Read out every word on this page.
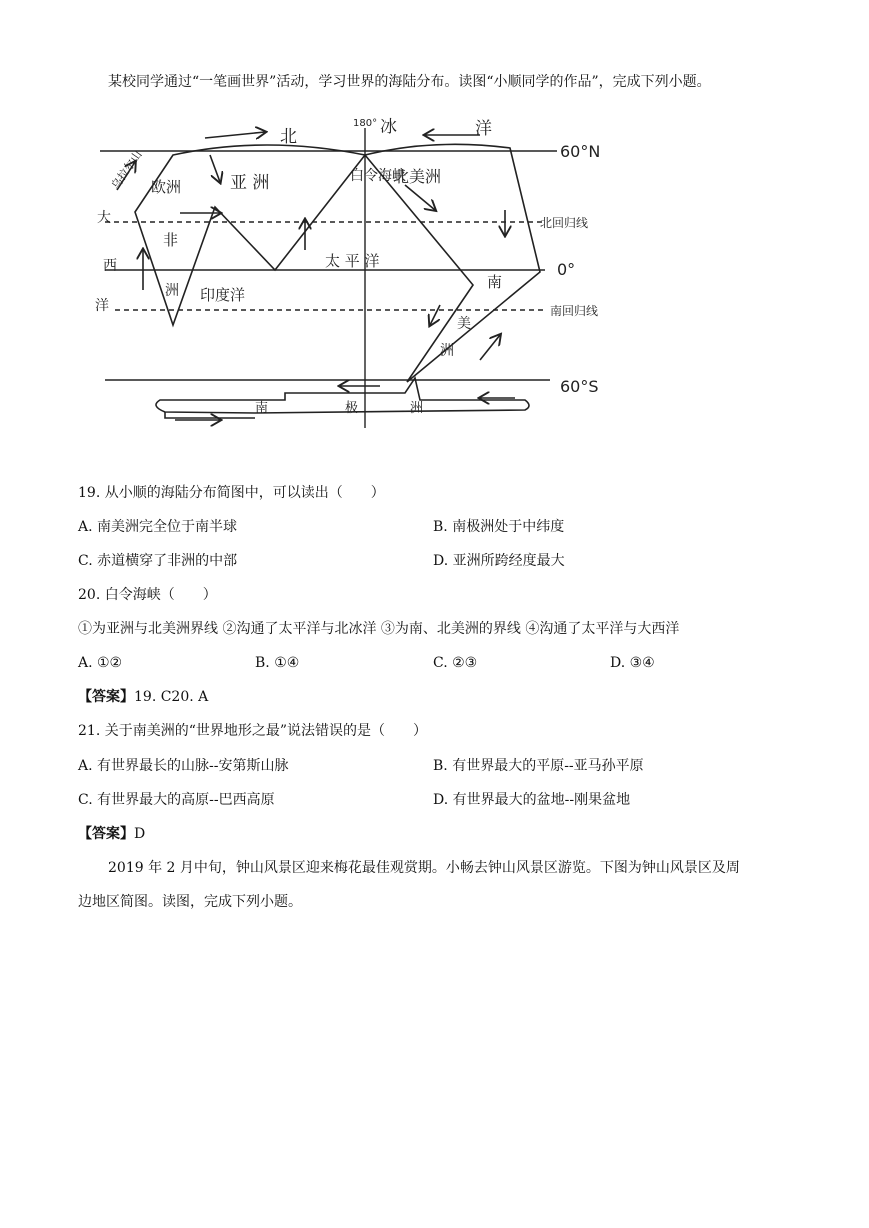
某校同学通过“一笔画世界”活动，学习世界的海陆分布。读图“小顺同学的作品”，完成下列小题。
60°N
0°
60°S
180°
北回归线
南回归线
北	冰	洋
大
西
洋
亚 洲
欧洲
乌拉尔山	白令海峡
北美洲
非
洲 印度洋
太 平 洋
南
美
洲
南	极	洲
19. 从小顺的海陆分布简图中，可以读出（　　）
A. 南美洲完全位于南半球	B. 南极洲处于中纬度
C. 赤道横穿了非洲的中部	D. 亚洲所跨经度最大
20. 白令海峡（　　）
①为亚洲与北美洲界线 ②沟通了太平洋与北冰洋 ③为南、北美洲的界线 ④沟通了太平洋与大西洋
A. ①②	B. ①④	C. ②③	D. ③④
【答案】19. C20. A
21. 关于南美洲的“世界地形之最”说法错误的是（　　）
A. 有世界最长的山脉--安第斯山脉	B. 有世界最大的平原--亚马孙平原
C. 有世界最大的高原--巴西高原	D. 有世界最大的盆地--刚果盆地
【答案】D
2019 年 2 月中旬，钟山风景区迎来梅花最佳观赏期。小畅去钟山风景区游览。下图为钟山风景区及周
边地区简图。读图，完成下列小题。
